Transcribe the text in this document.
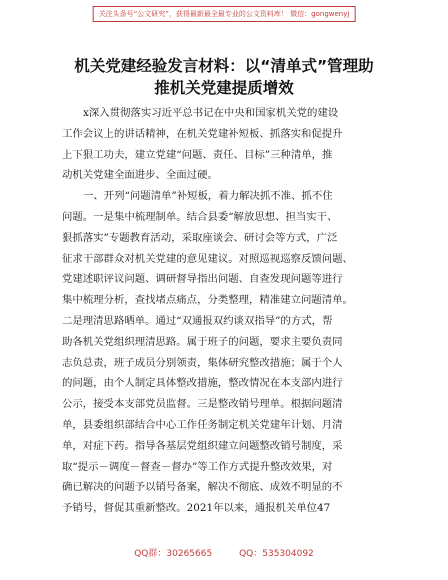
关注头条号“公文研究”，获得最新最全最专业的公文资料库！ 微信：gongwenyj
机关党建经验发言材料：以“清单式”管理助
推机关党建提质增效
x深入贯彻落实习近平总书记在中央和国家机关党的建设
工作会议上的讲话精神，在机关党建补短板、抓落实和促提升
上下狠工功夫，建立党建“问题、责任、目标”三种清单，推
动机关党建全面进步、全面过硬。
一、开列“问题清单”补短板，着力解决抓不准、抓不住
问题。一是集中梳理制单。结合县委“解放思想、担当实干、
狠抓落实”专题教育活动，采取座谈会、研讨会等方式，广泛
征求干部群众对机关党建的意见建议。对照巡视巡察反馈问题、
党建述职评议问题、调研督导指出问题、自查发现问题等进行
集中梳理分析，查找堵点痛点，分类整理，精准建立问题清单。
二是理清思路晒单。通过“双通报双约谈双指导”的方式，帮
助各机关党组织理清思路。属于班子的问题，要求主要负责同
志负总责，班子成员分别领责，集体研究整改措施；属于个人
的问题，由个人制定具体整改措施，整改情况在本支部内进行
公示，接受本支部党员监督。三是整改销号理单。根据问题清
单，县委组织部结合中心工作任务制定机关党建年计划、月清
单，对症下药。指导各基层党组织建立问题整改销号制度，采
取“提示－调度－督查－督办”等工作方式提升整改效果，对
确已解决的问题予以销号备案，解决不彻底、成效不明显的不
予销号，督促其重新整改。2021年以来，通报机关单位47
QQ群：30265665	QQ：535304092
